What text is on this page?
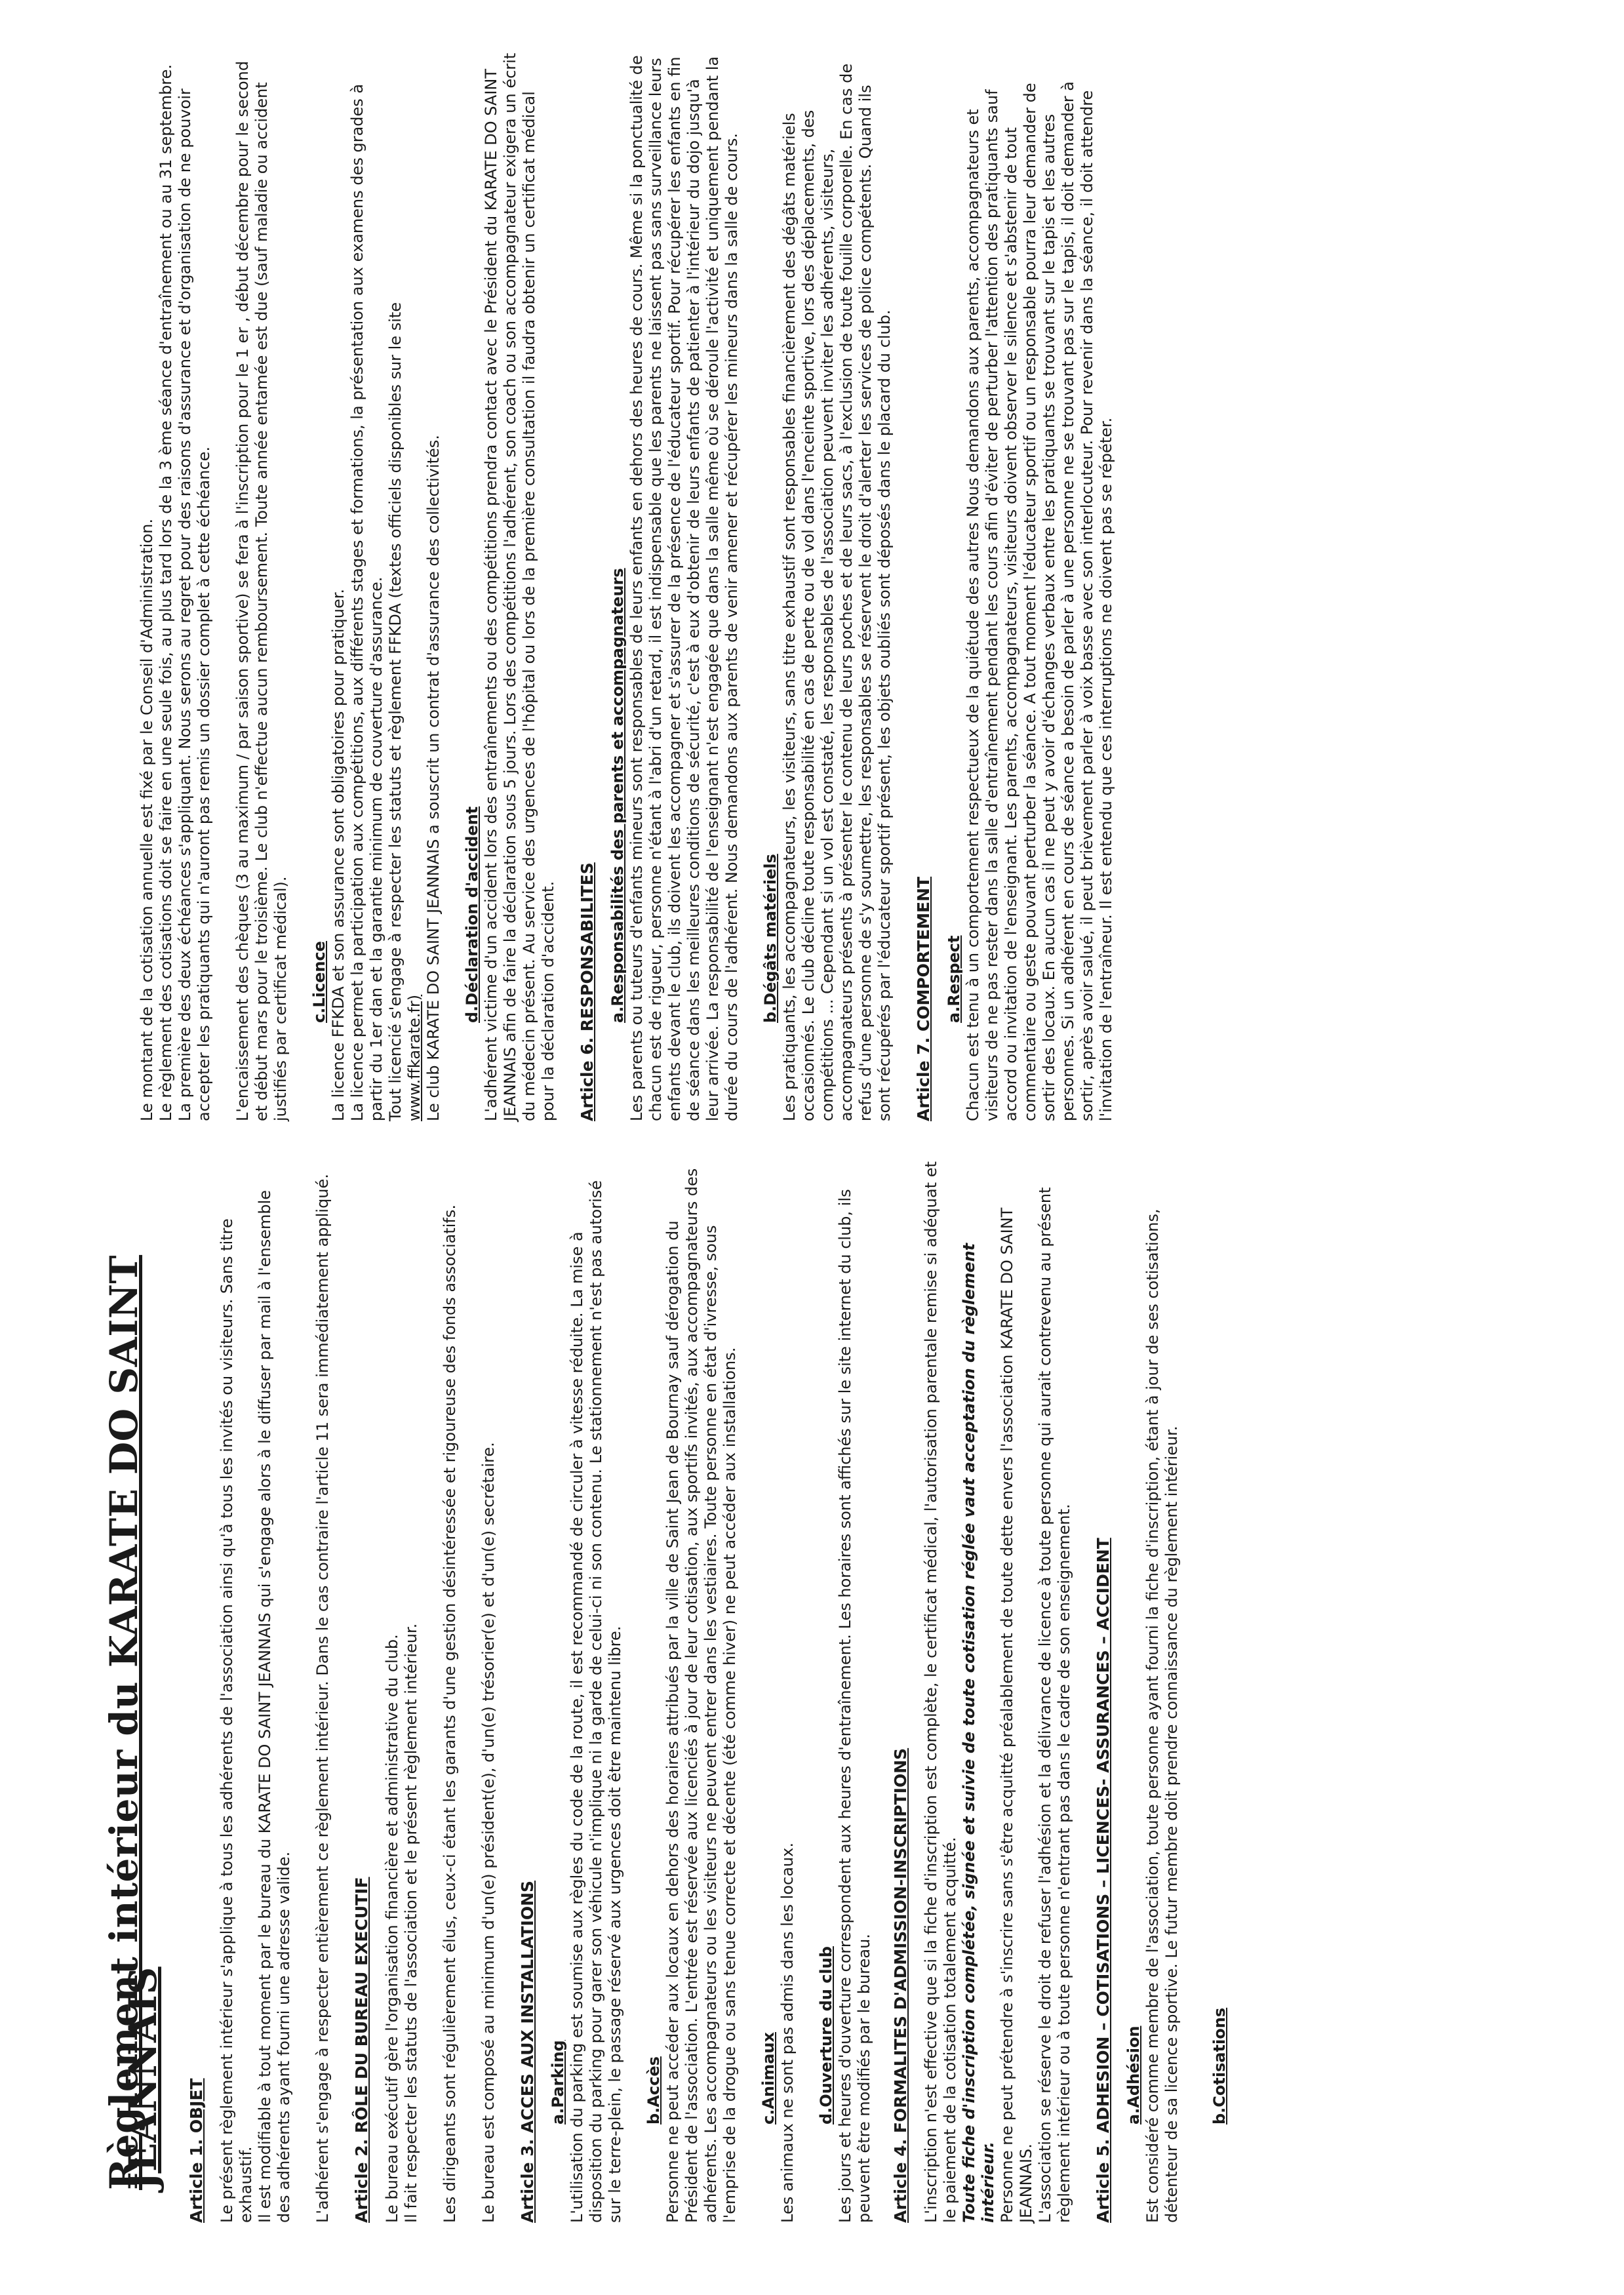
Règlement intérieur du KARATE DO SAINT JEANNAIS Article 1. OBJET Le présent règlement intérieur s'applique à tous les adhérents de l'association ainsi qu'à tous les invités ou visiteurs. Sans titre exhaustif. Il est modifiable à tout moment par le bureau du KARATE DO SAINT JEANNAIS qui s'engage alors à le diffuser par mail à l'ensemble des adhérents ayant fourni une adresse valide. L'adhérent s'engage à respecter entièrement ce règlement intérieur. Dans le cas contraire l'article 11 sera immédiatement appliqué. Article 2. RÔLE DU BUREAU EXECUTIF Le bureau exécutif gère l'organisation financière et administrative du club. Il fait respecter les statuts de l'association et le présent règlement intérieur. Les dirigeants sont régulièrement élus, ceux-ci étant les garants d'une gestion désintéressée et rigoureuse des fonds associatifs. Le bureau est composé au minimum d'un(e) président(e), d'un(e) trésorier(e) et d'un(e) secrétaire. Article 3. ACCES AUX INSTALLATIONS a.Parking L'utilisation du parking est soumise aux règles du code de la route, il est recommandé de circuler à vitesse réduite. La mise à disposition du parking pour garer son véhicule n'implique ni la garde de celui-ci ni son contenu. Le stationnement n'est pas autorisé sur le terre-plein, le passage réservé aux urgences doit être maintenu libre. b.Accès Personne ne peut accéder aux locaux en dehors des horaires attribués par la ville de Saint Jean de Bournay sauf dérogation du Président de l'association. L'entrée est réservée aux licenciés à jour de leur cotisation, aux sportifs invités, aux accompagnateurs des adhérents. Les accompagnateurs ou les visiteurs ne peuvent entrer dans les vestiaires. Toute personne en état d'ivresse, sous l'emprise de la drogue ou sans tenue correcte et décente (été comme hiver) ne peut accéder aux installations. c.Animaux Les animaux ne sont pas admis dans les locaux. d.Ouverture du club Les jours et heures d'ouverture correspondent aux heures d'entraînement. Les horaires sont affichés sur le site internet du club, ils peuvent être modifiés par le bureau. Article 4. FORMALITES D'ADMISSION-INSCRIPTIONS L'inscription n'est effective que si la fiche d'inscription est complète, le certificat médical, l'autorisation parentale remise si adéquat et le paiement de la cotisation totalement acquitté. Toute fiche d'inscription complétée, signée et suivie de toute cotisation réglée vaut acceptation du règlement intérieur. Personne ne peut prétendre à s'inscrire sans s'être acquitté préalablement de toute dette envers l'association KARATE DO SAINT JEANNAIS. L'association se réserve le droit de refuser l'adhésion et la délivrance de licence à toute personne qui aurait contrevenu au présent règlement intérieur ou à toute personne n'entrant pas dans le cadre de son enseignement. Article 5. ADHESION – COTISATIONS – LICENCES- ASSURANCES – ACCIDENT a.Adhésion Est considéré comme membre de l'association, toute personne ayant fourni la fiche d'inscription, étant à jour de ses cotisations, détenteur de sa licence sportive. Le futur membre doit prendre connaissance du règlement intérieur. b.Cotisations

Le montant de la cotisation annuelle est fixé par le Conseil d'Administration. Le règlement des cotisations doit se faire en une seule fois, au plus tard lors de la 3 ème séance d'entraînement ou au 31 septembre. La première des deux échéances s'appliquant. Nous serons au regret pour des raisons d'assurance et d'organisation de ne pouvoir accepter les pratiquants qui n'auront pas remis un dossier complet à cette échéance. L'encaissement des chèques (3 au maximum / par saison sportive) se fera à l'inscription pour le 1 er , début décembre pour le second et début mars pour le troisième. Le club n'effectue aucun remboursement. Toute année entamée est due (sauf maladie ou accident justifiés par certificat médical). c.Licence La licence FFKDA et son assurance sont obligatoires pour pratiquer. La licence permet la participation aux compétitions, aux différents stages et formations, la présentation aux examens des grades à partir du 1er dan et la garantie minimum de couverture d'assurance. Tout licencié s'engage à respecter les statuts et règlement FFKDA (textes officiels disponibles sur le site www.ffkarate.fr) Le club KARATE DO SAINT JEANNAIS a souscrit un contrat d'assurance des collectivités. d.Déclaration d'accident L'adhérent victime d'un accident lors des entraînements ou des compétitions prendra contact avec le Président du KARATE DO SAINT JEANNAIS afin de faire la déclaration sous 5 jours. Lors des compétitions l'adhérent, son coach ou son accompagnateur exigera un écrit du médecin présent. Au service des urgences de l'hôpital ou lors de la première consultation il faudra obtenir un certificat médical pour la déclaration d'accident. Article 6. RESPONSABILITES a.Responsabilités des parents et accompagnateurs Les parents ou tuteurs d'enfants mineurs sont responsables de leurs enfants en dehors des heures de cours. Même si la ponctualité de chacun est de rigueur, personne n'étant à l'abri d'un retard, il est indispensable que les parents ne laissent pas sans surveillance leurs enfants devant le club, ils doivent les accompagner et s'assurer de la présence de l'éducateur sportif. Pour récupérer les enfants en fin de séance dans les meilleures conditions de sécurité, c'est à eux d'obtenir de leurs enfants de patienter à l'intérieur du dojo jusqu'à leur arrivée. La responsabilité de l'enseignant n'est engagée que dans la salle même où se déroule l'activité et uniquement pendant la durée du cours de l'adhérent. Nous demandons aux parents de venir amener et récupérer les mineurs dans la salle de cours. b.Dégâts matériels Les pratiquants, les accompagnateurs, les visiteurs, sans titre exhaustif sont responsables financièrement des dégâts matériels occasionnés. Le club décline toute responsabilité en cas de perte ou de vol dans l'enceinte sportive, lors des déplacements, des compétitions ... Cependant si un vol est constaté, les responsables de l'association peuvent inviter les adhérents, visiteurs, accompagnateurs présents à présenter le contenu de leurs poches et de leurs sacs, à l'exclusion de toute fouille corporelle. En cas de refus d'une personne de s'y soumettre, les responsables se réservent le droit d'alerter les services de police compétents. Quand ils sont récupérés par l'éducateur sportif présent, les objets oubliés sont déposés dans le placard du club. Article 7. COMPORTEMENT a.Respect Chacun est tenu à un comportement respectueux de la quiétude des autres Nous demandons aux parents, accompagnateurs et visiteurs de ne pas rester dans la salle d'entraînement pendant les cours afin d'éviter de perturber l'attention des pratiquants sauf accord ou invitation de l'enseignant. Les parents, accompagnateurs, visiteurs doivent observer le silence et s'abstenir de tout commentaire ou geste pouvant perturber la séance. A tout moment l'éducateur sportif ou un responsable pourra leur demander de sortir des locaux. En aucun cas il ne peut y avoir d'échanges verbaux entre les pratiquants se trouvant sur le tapis et les autres personnes. Si un adhérent en cours de séance a besoin de parler à une personne ne se trouvant pas sur le tapis, il doit demander à sortir, après avoir salué, il peut brièvement parler à voix basse avec son interlocuteur. Pour revenir dans la séance, il doit attendre l'invitation de l'entraîneur. Il est entendu que ces interruptions ne doivent pas se répéter.
